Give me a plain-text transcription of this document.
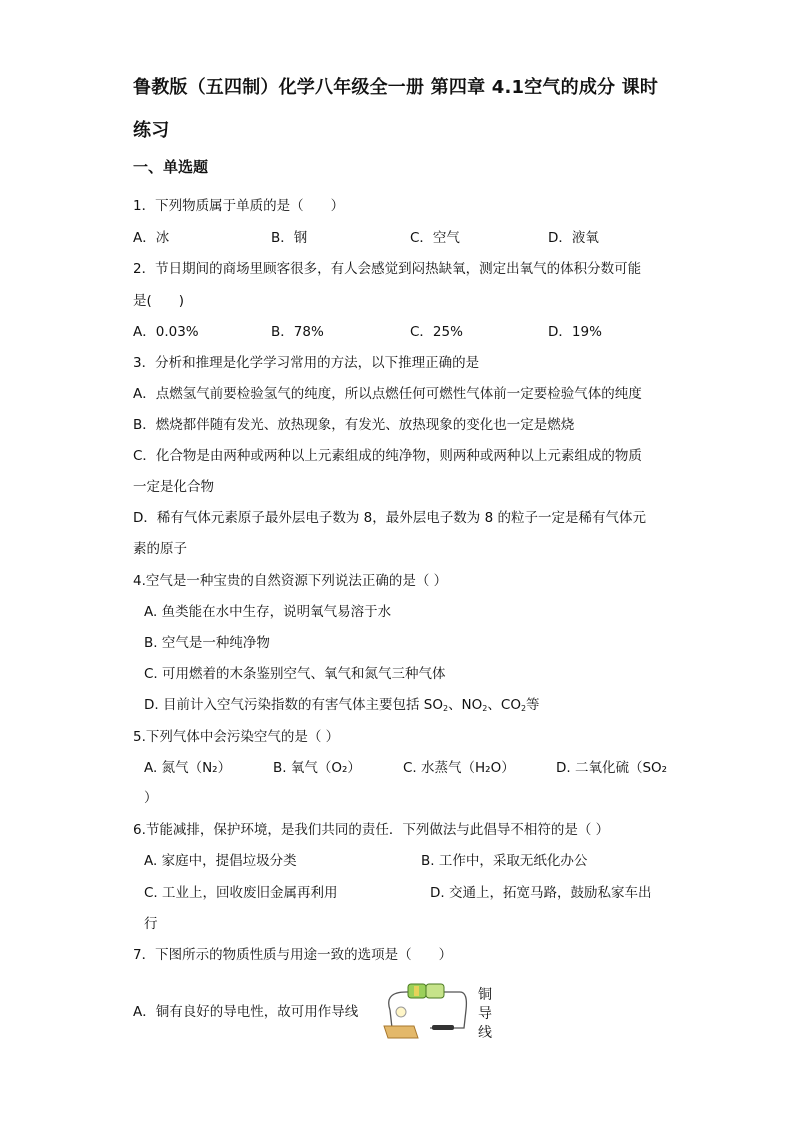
鲁教版（五四制）化学八年级全一册 第四章 4.1空气的成分 课时练习
一、单选题
1．下列物质属于单质的是（　　）
A．冰	B．钢	C．空气	D．液氧
2．节日期间的商场里顾客很多，有人会感觉到闷热缺氧，测定出氧气的体积分数可能
是(　　)
A．0.03%	B．78%	C．25%	D．19%
3．分析和推理是化学学习常用的方法，以下推理正确的是
A．点燃氢气前要检验氢气的纯度，所以点燃任何可燃性气体前一定要检验气体的纯度
B．燃烧都伴随有发光、放热现象，有发光、放热现象的变化也一定是燃烧
C．化合物是由两种或两种以上元素组成的纯净物，则两种或两种以上元素组成的物质
一定是化合物
D．稀有气体元素原子最外层电子数为 8，最外层电子数为 8 的粒子一定是稀有气体元
素的原子
4.空气是一种宝贵的自然资源下列说法正确的是（ ）
A. 鱼类能在水中生存，说明氧气易溶于水
B. 空气是一种纯净物
C. 可用燃着的木条鉴别空气、氧气和氮气三种气体
D. 目前计入空气污染指数的有害气体主要包括 $SO_2$、$NO_2$、$CO_2$等
5.下列气体中会污染空气的是（ ）
A. 氮气（N₂）	B. 氧气（O₂）	C. 水蒸气（H₂O）	D. 二氧化硫（SO₂
）
6.节能减排，保护环境，是我们共同的责任．下列做法与此倡导不相符的是（ ）
A. 家庭中，提倡垃圾分类	B. 工作中，采取无纸化办公
C. 工业上，回收废旧金属再利用	D. 交通上，拓宽马路，鼓励私家车出
行
7．下图所示的物质性质与用途一致的选项是（　　）
A．铜有良好的导电性，故可用作导线
铜导线
